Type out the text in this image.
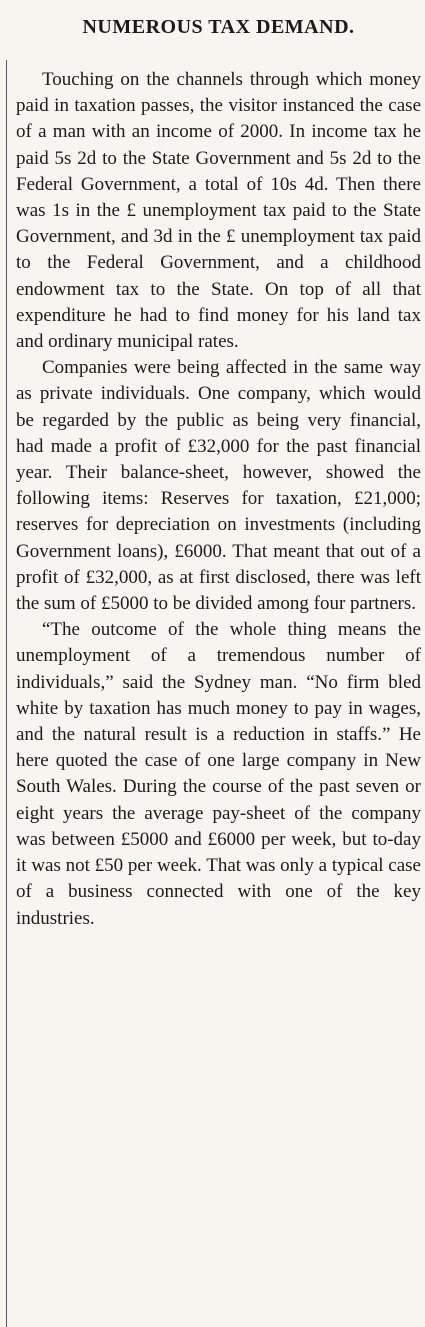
NUMEROUS TAX DEMAND.

Touching on the channels through which money paid in taxation passes, the visitor instanced the case of a man with an income of 2000. In income tax he paid 5s 2d to the State Government and 5s 2d to the Federal Government, a total of 10s 4d. Then there was 1s in the £ unemployment tax paid to the State Government, and 3d in the £ unemployment tax paid to the Federal Government, and a childhood endowment tax to the State. On top of all that expenditure he had to find money for his land tax and ordinary municipal rates.

Companies were being affected in the same way as private individuals. One company, which would be regarded by the public as being very financial, had made a profit of £32,000 for the past financial year. Their balance-sheet, however, showed the following items: Reserves for taxation, £21,000; reserves for depreciation on investments (including Government loans), £6000. That meant that out of a profit of £32,000, as at first disclosed, there was left the sum of £5000 to be divided among four partners.

“The outcome of the whole thing means the unemployment of a tremendous number of individuals,” said the Sydney man. “No firm bled white by taxation has much money to pay in wages, and the natural result is a reduction in staffs.” He here quoted the case of one large company in New South Wales. During the course of the past seven or eight years the average pay-sheet of the company was between £5000 and £6000 per week, but to-day it was not £50 per week. That was only a typical case of a business connected with one of the key industries.
